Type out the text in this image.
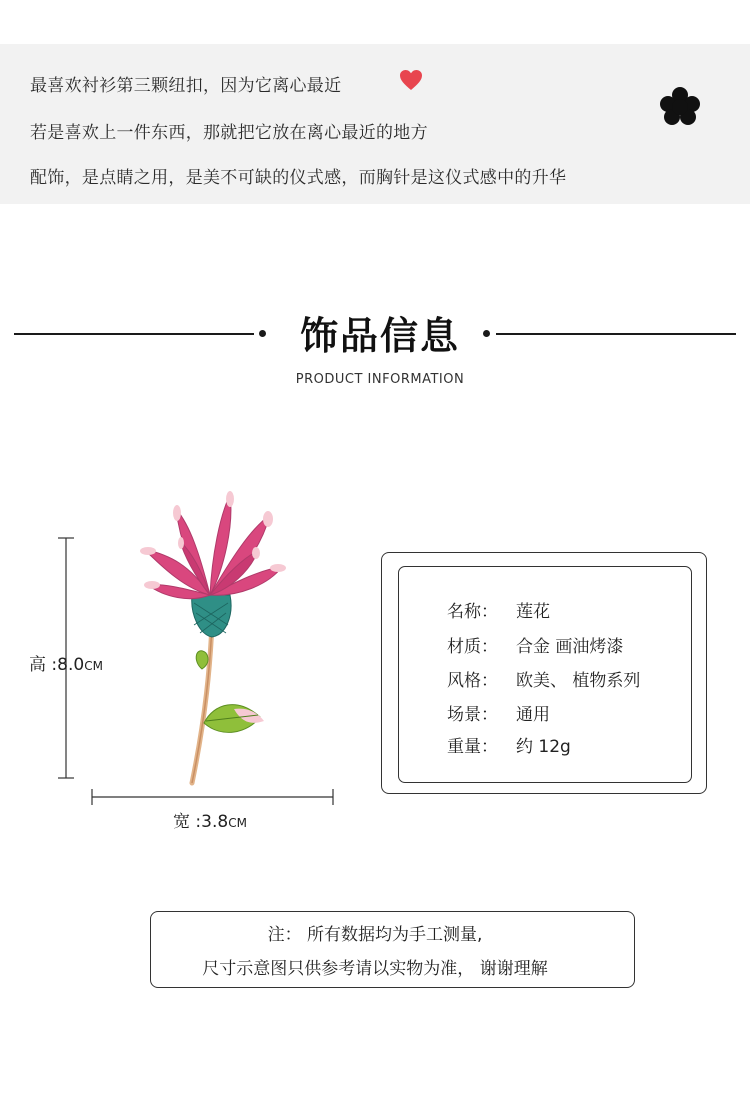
最喜欢衬衫第三颗纽扣，因为它离心最近
若是喜欢上一件东西，那就把它放在离心最近的地方
配饰，是点睛之用，是美不可缺的仪式感，而胸针是这仪式感中的升华
饰品信息
PRODUCT INFORMATION
高 :8.0CM
宽 :3.8CM
名称： 莲花
材质： 合金 画油烤漆
风格： 欧美、 植物系列
场景： 通用
重量： 约 12g
注： 所有数据均为手工测量,
尺寸示意图只供参考请以实物为准， 谢谢理解
